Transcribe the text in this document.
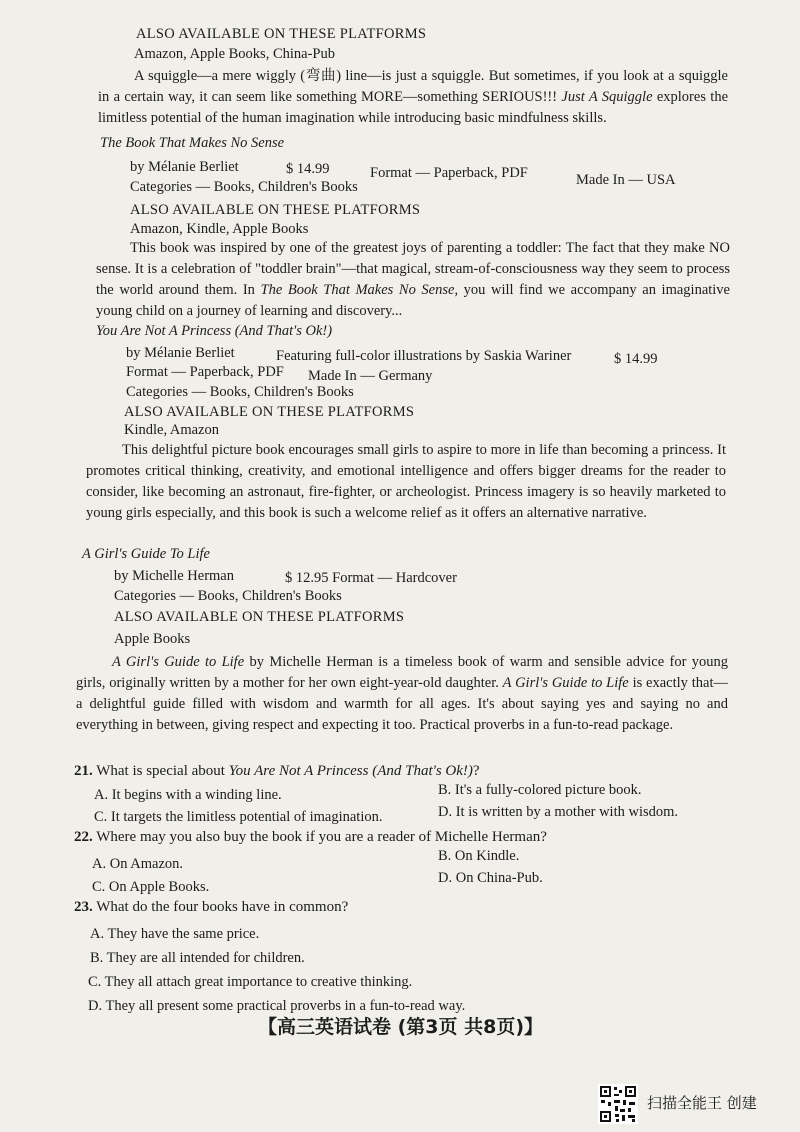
ALSO AVAILABLE ON THESE PLATFORMS
Amazon, Apple Books, China-Pub
A squiggle—a mere wiggly (弯曲) line—is just a squiggle. But sometimes, if you look at a squiggle in a certain way, it can seem like something MORE—something SERIOUS!!! Just A Squiggle explores the limitless potential of the human imagination while introducing basic mindfulness skills.
The Book That Makes No Sense
by Mélanie Berliet	$ 14.99	Format — Paperback, PDF	Made In — USA
Categories — Books, Children's Books
ALSO AVAILABLE ON THESE PLATFORMS
Amazon, Kindle, Apple Books
This book was inspired by one of the greatest joys of parenting a toddler: The fact that they make NO sense. It is a celebration of "toddler brain"—that magical, stream-of-consciousness way they seem to process the world around them. In The Book That Makes No Sense, you will find we accompany an imaginative young child on a journey of learning and discovery...
You Are Not A Princess (And That's Ok!)
by Mélanie Berliet	Featuring full-color illustrations by Saskia Wariner	$ 14.99
Format — Paperback, PDF Made In — Germany
Categories — Books, Children's Books
ALSO AVAILABLE ON THESE PLATFORMS
Kindle, Amazon
This delightful picture book encourages small girls to aspire to more in life than becoming a princess. It promotes critical thinking, creativity, and emotional intelligence and offers bigger dreams for the reader to consider, like becoming an astronaut, fire-fighter, or archeologist. Princess imagery is so heavily marketed to young girls especially, and this book is such a welcome relief as it offers an alternative narrative.
A Girl's Guide To Life
by Michelle Herman	$ 12.95 Format — Hardcover
Categories — Books, Children's Books
ALSO AVAILABLE ON THESE PLATFORMS
Apple Books
A Girl's Guide to Life by Michelle Herman is a timeless book of warm and sensible advice for young girls, originally written by a mother for her own eight-year-old daughter. A Girl's Guide to Life is exactly that—a delightful guide filled with wisdom and warmth for all ages. It's about saying yes and saying no and everything in between, giving respect and expecting it too. Practical proverbs in a fun-to-read package.
21. What is special about You Are Not A Princess (And That's Ok!)?
A. It begins with a winding line.	B. It's a fully-colored picture book.
C. It targets the limitless potential of imagination.	D. It is written by a mother with wisdom.
22. Where may you also buy the book if you are a reader of Michelle Herman?
A. On Amazon.	B. On Kindle.
C. On Apple Books.
D. On China-Pub.
23. What do the four books have in common?
A. They have the same price.
B. They are all intended for children.
C. They all attach great importance to creative thinking.
D. They all present some practical proverbs in a fun-to-read way.
【高三英语试卷 (第3页 共8页)】
扫描全能王 创建
